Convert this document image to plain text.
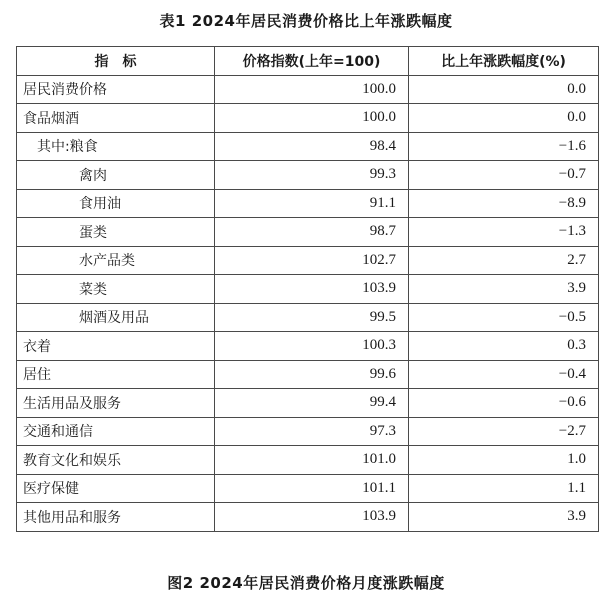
表1 2024年居民消费价格比上年涨跌幅度
指　标	价格指数(上年=100)	比上年涨跌幅度(%)
居民消费价格	100.0	0.0
食品烟酒	100.0	0.0
其中:粮食	98.4	−1.6
禽肉	99.3	−0.7
食用油	91.1	−8.9
蛋类	98.7	−1.3
水产品类	102.7	2.7
菜类	103.9	3.9
烟酒及用品	99.5	−0.5
衣着	100.3	0.3
居住	99.6	−0.4
生活用品及服务	99.4	−0.6
交通和通信	97.3	−2.7
教育文化和娱乐	101.0	1.0
医疗保健	101.1	1.1
其他用品和服务	103.9	3.9
图2 2024年居民消费价格月度涨跌幅度
